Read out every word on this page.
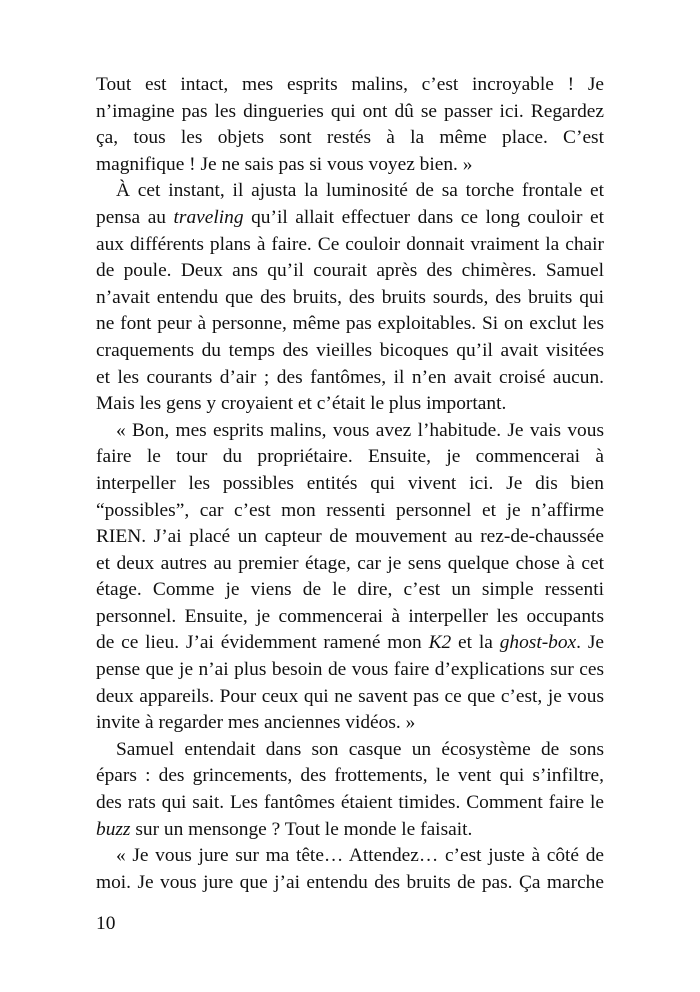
Tout est intact, mes esprits malins, c’est incroyable ! Je
n’imagine pas les dingueries qui ont dû se passer ici. Regardez
ça, tous les objets sont restés à la même place. C’est
magnifique ! Je ne sais pas si vous voyez bien. »
À cet instant, il ajusta la luminosité de sa torche frontale et
pensa au traveling qu’il allait effectuer dans ce long couloir et
aux différents plans à faire. Ce couloir donnait vraiment la chair
de poule. Deux ans qu’il courait après des chimères. Samuel
n’avait entendu que des bruits, des bruits sourds, des bruits qui
ne font peur à personne, même pas exploitables. Si on exclut les
craquements du temps des vieilles bicoques qu’il avait visitées
et les courants d’air ; des fantômes, il n’en avait croisé aucun.
Mais les gens y croyaient et c’était le plus important.
« Bon, mes esprits malins, vous avez l’habitude. Je vais vous
faire le tour du propriétaire. Ensuite, je commencerai à
interpeller les possibles entités qui vivent ici. Je dis bien
“possibles”, car c’est mon ressenti personnel et je n’affirme
RIEN. J’ai placé un capteur de mouvement au rez-de-chaussée
et deux autres au premier étage, car je sens quelque chose à cet
étage. Comme je viens de le dire, c’est un simple ressenti
personnel. Ensuite, je commencerai à interpeller les occupants
de ce lieu. J’ai évidemment ramené mon K2 et la ghost-box. Je
pense que je n’ai plus besoin de vous faire d’explications sur ces
deux appareils. Pour ceux qui ne savent pas ce que c’est, je vous
invite à regarder mes anciennes vidéos. »
Samuel entendait dans son casque un écosystème de sons
épars : des grincements, des frottements, le vent qui s’infiltre,
des rats qui sait. Les fantômes étaient timides. Comment faire le
buzz sur un mensonge ? Tout le monde le faisait.
« Je vous jure sur ma tête… Attendez… c’est juste à côté de
moi. Je vous jure que j’ai entendu des bruits de pas. Ça marche
10
